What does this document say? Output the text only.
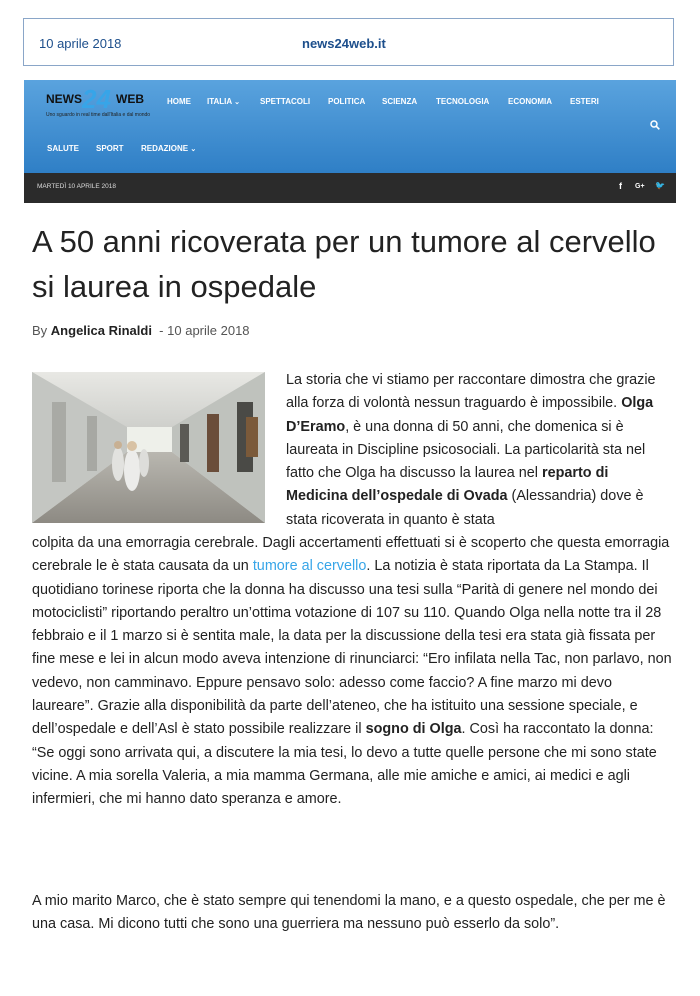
10 aprile 2018	news24web.it
NEWS 24 WEB
Uno sguardo in real time dall'Italia e dal mondo
HOME ITALIA ⌄	SPETTACOLI POLITICA SCIENZA TECNOLOGIA ECONOMIA ESTERI
SALUTE SPORT REDAZIONE ⌄
MARTEDÌ 10 APRILE 2018	f G+ 🐦
A 50 anni ricoverata per un tumore al cervello si laurea in ospedale
By Angelica Rinaldi - 10 aprile 2018

La storia che vi stiamo per raccontare dimostra che grazie alla forza di volontà nessun traguardo è impossibile. Olga D’Eramo, è una donna di 50 anni, che domenica si è laureata in Discipline psicosociali. La particolarità sta nel fatto che Olga ha discusso la laurea nel reparto di Medicina dell’ospedale di Ovada (Alessandria) dove è stata ricoverata in quanto è stata

colpita da una emorragia cerebrale. Dagli accertamenti effettuati si è scoperto che questa emorragia cerebrale le è stata causata da un tumore al cervello. La notizia è stata riportata da La Stampa. Il quotidiano torinese riporta che la donna ha discusso una tesi sulla “Parità di genere nel mondo dei motociclisti” riportando peraltro un’ottima votazione di 107 su 110. Quando Olga nella notte tra il 28 febbraio e il 1 marzo si è sentita male, la data per la discussione della tesi era stata già fissata per fine mese e lei in alcun modo aveva intenzione di rinunciarci: “Ero infilata nella Tac, non parlavo, non vedevo, non camminavo. Eppure pensavo solo: adesso come faccio? A fine marzo mi devo laureare”. Grazie alla disponibilità da parte dell’ateneo, che ha istituito una sessione speciale, e dell’ospedale e dell’Asl è stato possibile realizzare il sogno di Olga. Così ha raccontato la donna: “Se oggi sono arrivata qui, a discutere la mia tesi, lo devo a tutte quelle persone che mi sono state vicine. A mia sorella Valeria, a mia mamma Germana, alle mie amiche e amici, ai medici e agli infermieri, che mi hanno dato speranza e amore.

A mio marito Marco, che è stato sempre qui tenendomi la mano, e a questo ospedale, che per me è una casa. Mi dicono tutti che sono una guerriera ma nessuno può esserlo da solo”.
